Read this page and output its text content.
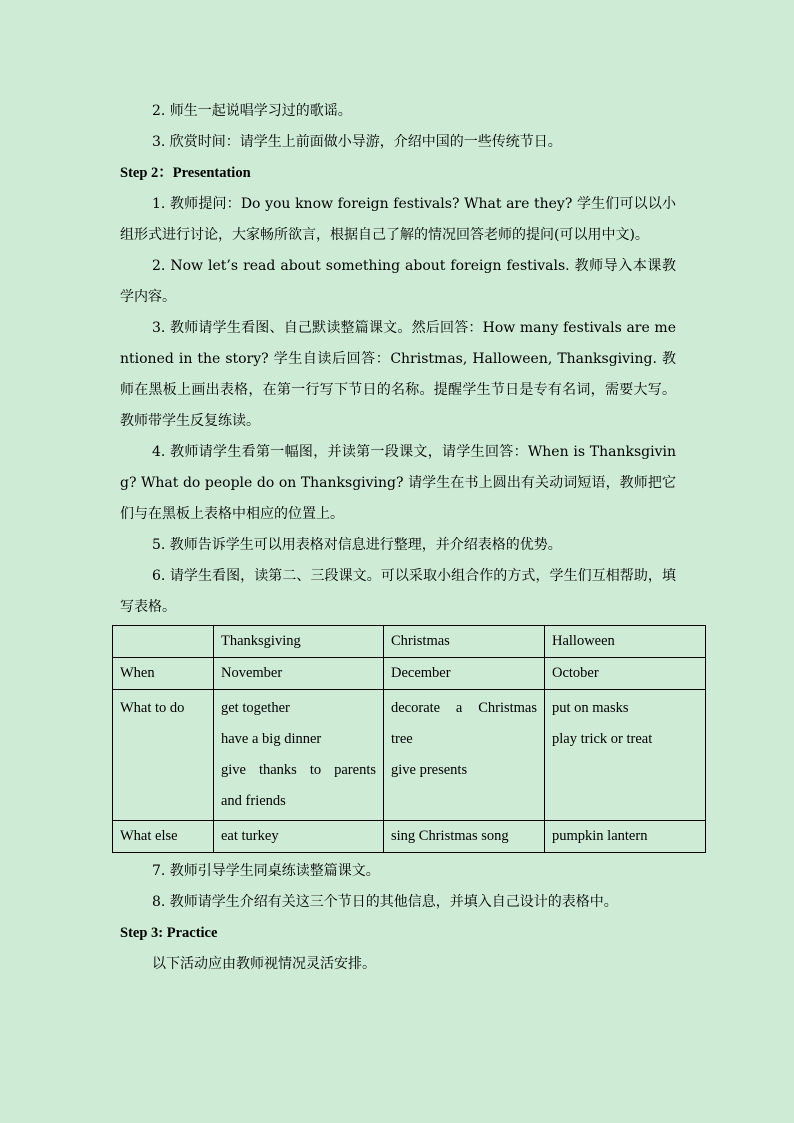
2. 师生一起说唱学习过的歌谣。

3. 欣赏时间：请学生上前面做小导游，介绍中国的一些传统节日。

Step 2：Presentation

1. 教师提问：Do you know foreign festivals? What are they? 学生们可以以小组形式进行讨论，大家畅所欲言，根据自己了解的情况回答老师的提问(可以用中文)。

2. Now let’s read about something about foreign festivals. 教师导入本课教学内容。

3. 教师请学生看图、自己默读整篇课文。然后回答：How many festivals are mentioned in the story? 学生自读后回答：Christmas, Halloween, Thanksgiving. 教师在黑板上画出表格，在第一行写下节日的名称。提醒学生节日是专有名词，需要大写。教师带学生反复练读。

4. 教师请学生看第一幅图，并读第一段课文，请学生回答：When is Thanksgiving? What do people do on Thanksgiving? 请学生在书上圆出有关动词短语，教师把它们与在黑板上表格中相应的位置上。

5. 教师告诉学生可以用表格对信息进行整理，并介绍表格的优势。

6. 请学生看图，读第二、三段课文。可以采取小组合作的方式，学生们互相帮助，填写表格。

	Thanksgiving	Christmas	Halloween
When	November	December	October

What to do	get together
have a big dinner
give thanks to parents
and friends	decorate a Christmas
tree
give presents	put on masks
play trick or treat

What else	eat turkey	sing Christmas song	pumpkin lantern

7. 教师引导学生同桌练读整篇课文。

8. 教师请学生介绍有关这三个节日的其他信息，并填入自己设计的表格中。

Step 3: Practice

以下活动应由教师视情况灵活安排。
